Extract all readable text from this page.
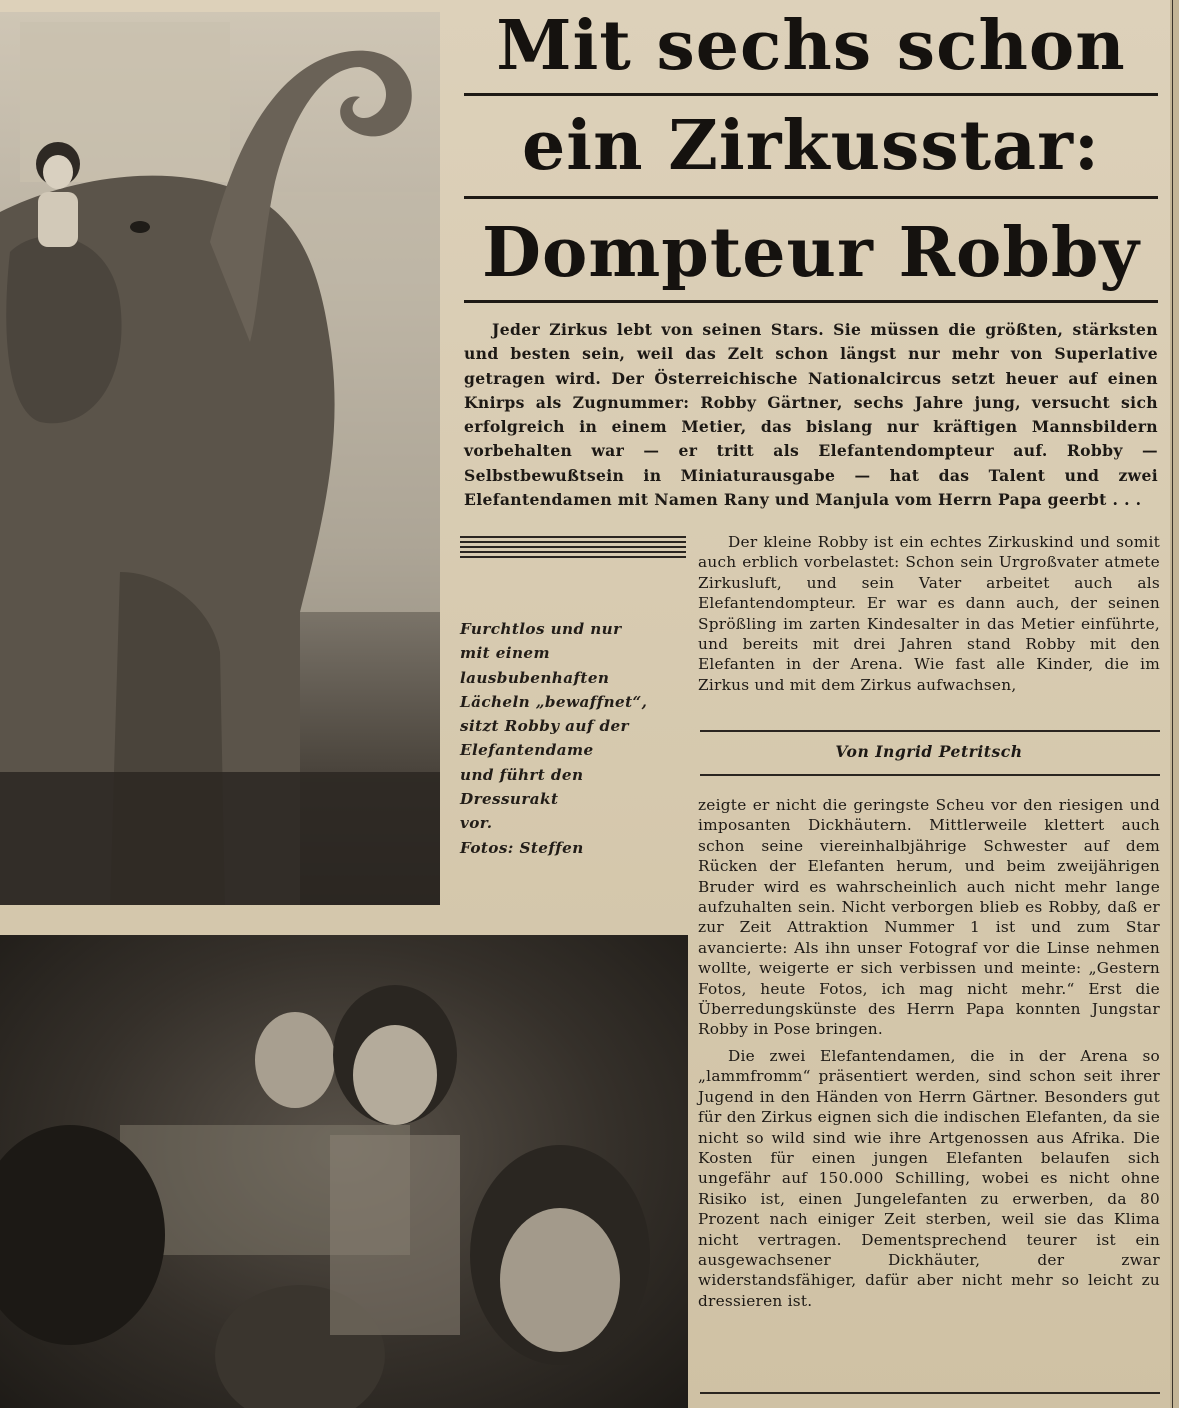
Mit sechs schon
ein Zirkusstar:
Dompteur Robby

Jeder Zirkus lebt von seinen Stars. Sie müssen die größten, stärksten und besten sein, weil das Zelt schon längst nur mehr von Superlative getragen wird. Der Österreichische Nationalcircus setzt heuer auf einen Knirps als Zugnummer: Robby Gärtner, sechs Jahre jung, versucht sich erfolgreich in einem Metier, das bislang nur kräftigen Mannsbildern vorbehalten war — er tritt als Elefantendompteur auf. Robby — Selbstbewußtsein in Miniaturausgabe — hat das Talent und zwei Elefantendamen mit Namen Rany und Manjula vom Herrn Papa geerbt . . .

Furchtlos und nur
mit einem
lausbubenhaften
Lächeln „bewaffnet“,
sitzt Robby auf der
Elefantendame
und führt den
Dressurakt
vor.
Fotos: Steffen

Der kleine Robby ist ein echtes Zirkuskind und somit auch erblich vorbelastet: Schon sein Urgroßvater atmete Zirkusluft, und sein Vater arbeitet auch als Elefantendompteur. Er war es dann auch, der seinen Sprößling im zarten Kindesalter in das Metier einführte, und bereits mit drei Jahren stand Robby mit den Elefanten in der Arena. Wie fast alle Kinder, die im Zirkus und mit dem Zirkus aufwachsen,

Von Ingrid Petritsch

zeigte er nicht die geringste Scheu vor den riesigen und imposanten Dickhäutern. Mittlerweile klettert auch schon seine viereinhalbjährige Schwester auf dem Rücken der Elefanten herum, und beim zweijährigen Bruder wird es wahrscheinlich auch nicht mehr lange aufzuhalten sein. Nicht verborgen blieb es Robby, daß er zur Zeit Attraktion Nummer 1 ist und zum Star avancierte: Als ihn unser Fotograf vor die Linse nehmen wollte, weigerte er sich verbissen und meinte: „Gestern Fotos, heute Fotos, ich mag nicht mehr.“ Erst die Überredungskünste des Herrn Papa konnten Jungstar Robby in Pose bringen.

Die zwei Elefantendamen, die in der Arena so „lammfromm“ präsentiert werden, sind schon seit ihrer Jugend in den Händen von Herrn Gärtner. Besonders gut für den Zirkus eignen sich die indischen Elefanten, da sie nicht so wild sind wie ihre Artgenossen aus Afrika. Die Kosten für einen jungen Elefanten belaufen sich ungefähr auf 150.000 Schilling, wobei es nicht ohne Risiko ist, einen Jungelefanten zu erwerben, da 80 Prozent nach einiger Zeit sterben, weil sie das Klima nicht vertragen. Dementsprechend teurer ist ein ausgewachsener Dickhäuter, der zwar widerstandsfähiger, dafür aber nicht mehr so leicht zu dressieren ist.
